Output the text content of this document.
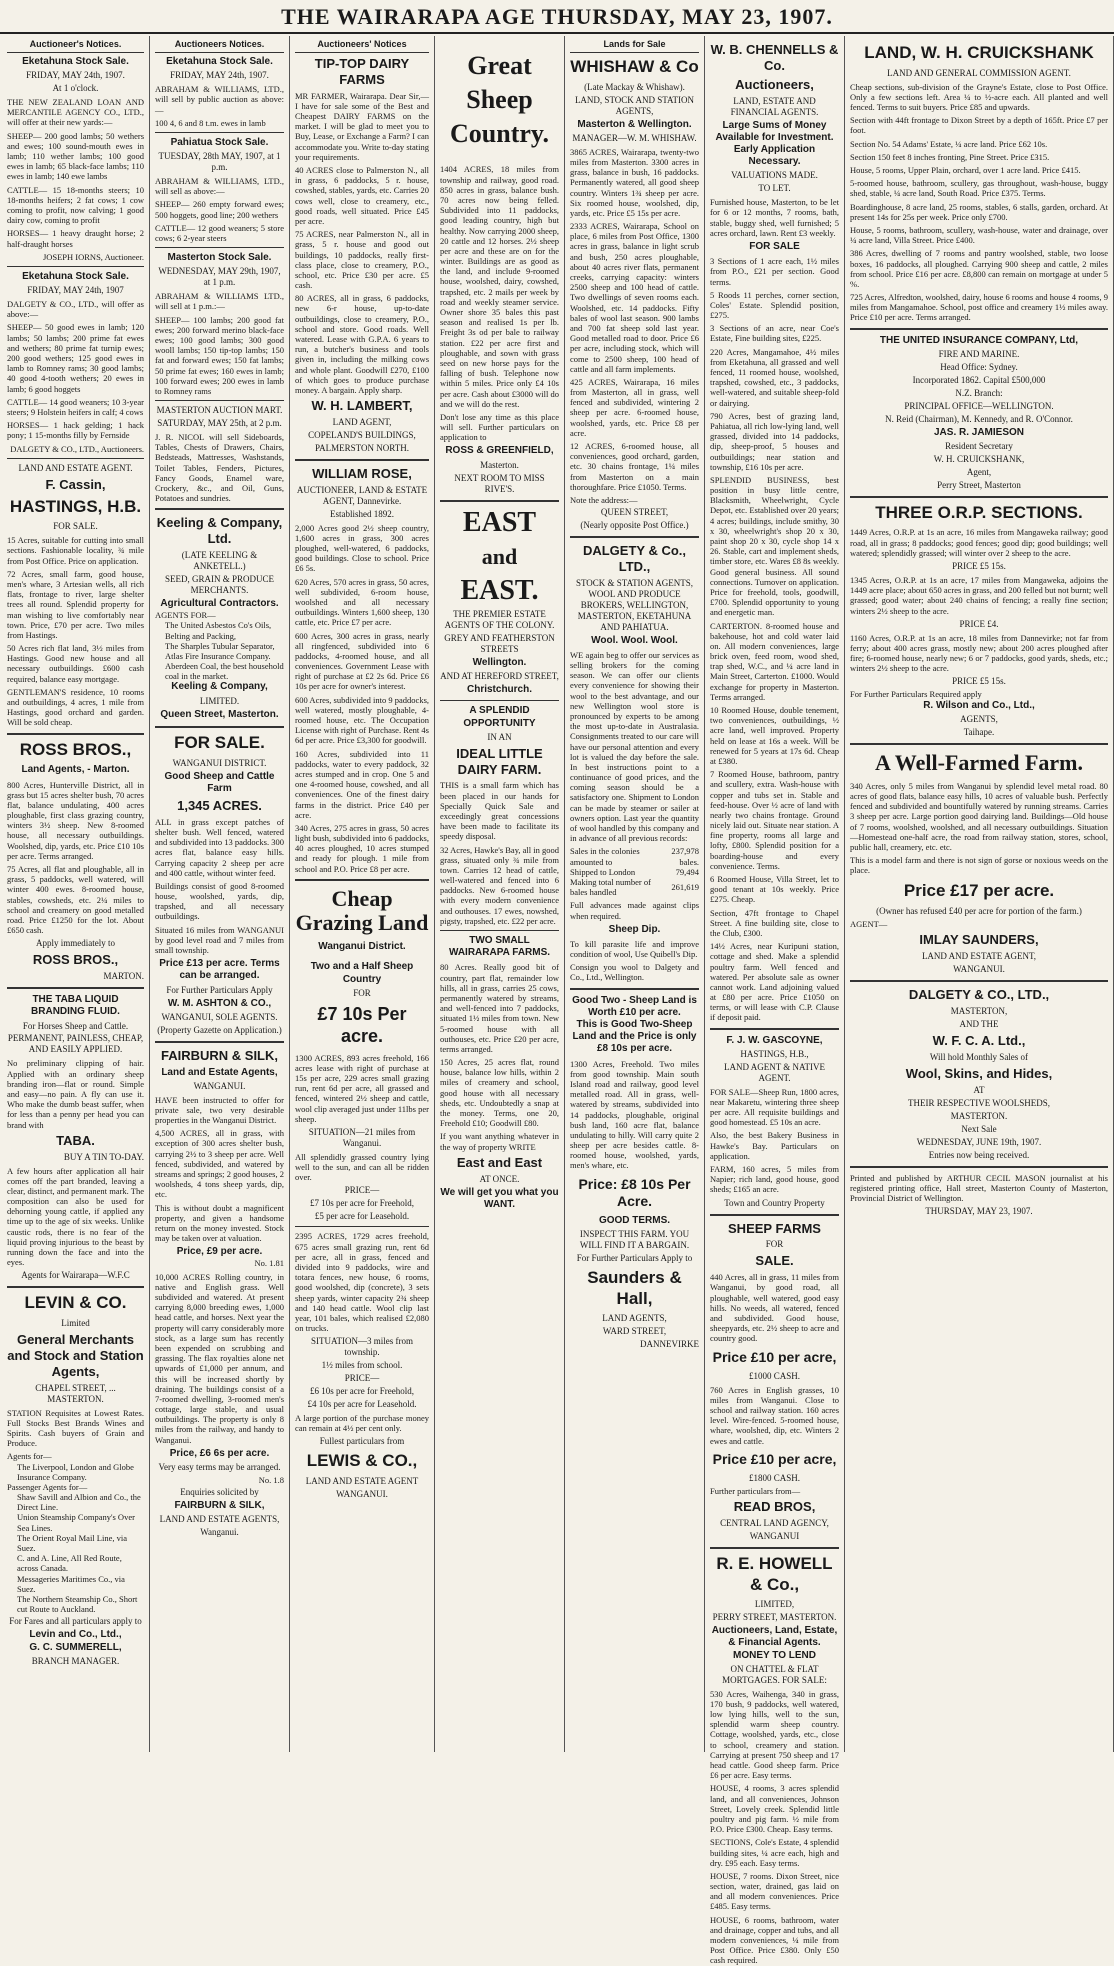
THE WAIRARAPA AGE THURSDAY, MAY 23, 1907.
Auctioneer's Notices.
Eketahuna Stock Sale.
FRIDAY, MAY 24th, 1907.
At 1 o'clock.

THE NEW ZEALAND LOAN AND MERCANTILE AGENCY CO., LTD., will offer at their new yards:—

SHEEP— 200 good lambs; 50 wethers and ewes; 100 sound-mouth ewes in lamb; 110 wether lambs; 100 good ewes in lamb; 65 black-face lambs; 110 ewes in lamb; 140 ewe lambs

CATTLE— 15 18-months steers; 10 18-months heifers; 2 fat cows; 1 cow coming to profit, now calving; 1 good dairy cow, coming to profit

HORSES— 1 heavy draught horse; 2 half-draught horses

JOSEPH IORNS, Auctioneer.

Eketahuna Stock Sale.
FRIDAY, MAY 24th, 1907

DALGETY & CO., LTD., will offer as above:—

SHEEP— 50 good ewes in lamb; 120 lambs; 50 lambs; 200 prime fat ewes and wethers; 80 prime fat turnip ewes; 200 good wethers; 125 good ewes in lamb to Romney rams; 30 good lambs; 40 good 4-tooth wethers; 20 ewes in lamb; 6 good hoggets

CATTLE— 14 good weaners; 10 3-year steers; 9 Holstein heifers in calf; 4 cows

HORSES— 1 hack gelding; 1 hack pony; 1 15-months filly by Fernside

DALGETY & CO., LTD., Auctioneers.

LAND AND ESTATE AGENT.
F. Cassin,
HASTINGS, H.B.
FOR SALE.

15 Acres, suitable for cutting into small sections. Fashionable locality, ¾ mile from Post Office. Price on application.

72 Acres, small farm, good house, men's whare, 3 Artesian wells, all rich flats, frontage to river, large shelter trees all round. Splendid property for man wishing to live comfortably near town. Price, £70 per acre. Two miles from Hastings.

50 Acres rich flat land, 3½ miles from Hastings. Good new house and all necessary outbuildings. £600 cash required, balance easy mortgage.

GENTLEMAN'S residence, 10 rooms and outbuildings, 4 acres, 1 mile from Hastings, good orchard and garden. Will be sold cheap.

ROSS BROS.,
Land Agents, - Marton.

800 Acres, Hunterville District, all in grass but 15 acres shelter bush, 70 acres flat, balance undulating, 400 acres ploughable, first class grazing country, winters 3½ sheep. New 8-roomed house, all necessary outbuildings. Woolshed, dip, yards, etc. Price £10 10s per acre. Terms arranged.

75 Acres, all flat and ploughable, all in grass, 5 paddocks, well watered, will winter 400 ewes. 8-roomed house, stables, cowsheds, etc. 2¼ miles to school and creamery on good metalled road. Price £1250 for the lot. About £650 cash.

Apply immediately to
ROSS BROS.,
MARTON.
THE TABA LIQUID BRANDING FLUID.
For Horses Sheep and Cattle.
PERMANENT, PAINLESS, CHEAP, AND EASILY APPLIED.

No preliminary clipping of hair. Applied with an ordinary sheep branding iron—flat or round. Simple and easy—no pain. A fly can use it. Who make the dumb beast suffer, when for less than a penny per head you can brand with

TABA.
BUY A TIN TO-DAY.

A few hours after application all hair comes off the part branded, leaving a clear, distinct, and permanent mark. The composition can also be used for dehorning young cattle, if applied any time up to the age of six weeks. Unlike caustic rods, there is no fear of the liquid proving injurious to the beast by running down the face and into the eyes.

Agents for Wairarapa—W.F.C
LEVIN & CO.
Limited
General Merchants and Stock and Station Agents,
CHAPEL STREET, ... MASTERTON.

STATION Requisites at Lowest Rates. Full Stocks Best Brands Wines and Spirits. Cash buyers of Grain and Produce.

Agents for—
The Liverpool, London and Globe Insurance Company.
Passenger Agents for—
Shaw Savill and Albion and Co., the Direct Line.
Union Steamship Company's Over Sea Lines.
The Orient Royal Mail Line, via Suez.
C. and A. Line, All Red Route, across Canada.
Messageries Maritimes Co., via Suez.
The Northern Steamship Co., Short cut Route to Auckland.
For Fares and all particulars apply to
Levin and Co., Ltd.,
G. C. SUMMERELL,
BRANCH MANAGER.
Auctioneers Notices.
Eketahuna Stock Sale.
FRIDAY, MAY 24th, 1907.

ABRAHAM & WILLIAMS, LTD., will sell by public auction as above:—

100 4, 6 and 8 t.m. ewes in lamb

Pahiatua Stock Sale.
TUESDAY, 28th MAY, 1907, at 1 p.m.

ABRAHAM & WILLIAMS, LTD., will sell as above:—

SHEEP— 260 empty forward ewes; 500 hoggets, good line; 200 wethers

CATTLE— 12 good weaners; 5 store cows; 6 2-year steers

Masterton Stock Sale.
WEDNESDAY, MAY 29th, 1907, at 1 p.m.

ABRAHAM & WILLIAMS LTD., will sell at 1 p.m.:—

SHEEP— 100 lambs; 200 good fat ewes; 200 forward merino black-face ewes; 100 good lambs; 300 good wooll lambs; 150 tip-top lambs; 150 fat and forward ewes; 150 fat lambs; 50 prime fat ewes; 160 ewes in lamb; 100 forward ewes; 200 ewes in lamb to Romney rams

MASTERTON AUCTION MART.
SATURDAY, MAY 25th, at 2 p.m.

J. R. NICOL will sell Sideboards, Tables, Chests of Drawers, Chairs, Bedsteads, Mattresses, Washstands, Toilet Tables, Fenders, Pictures, Fancy Goods, Enamel ware, Crockery, &c., and Oil, Guns, Potatoes and sundries.

Keeling & Company, Ltd.
(LATE KEELING & ANKETELL.)
SEED, GRAIN & PRODUCE MERCHANTS.
Agricultural Contractors.
AGENTS FOR—
The United Asbestos Co's Oils, Belting and Packing,
The Sharples Tubular Separator,
Atlas Fire Insurance Company.
Aberdeen Coal, the best household coal in the market.
Keeling & Company,
LIMITED.
Queen Street, Masterton.
FOR SALE.
WANGANUI DISTRICT.
Good Sheep and Cattle Farm
1,345 ACRES.

ALL in grass except patches of shelter bush. Well fenced, watered and subdivided into 13 paddocks. 300 acres flat, balance easy hills. Carrying capacity 2 sheep per acre and 400 cattle, without winter feed.

Buildings consist of good 8-roomed house, woolshed, yards, dip, trapshed, and all necessary outbuildings.

Situated 16 miles from WANGANUI by good level road and 7 miles from small township.

Price £13 per acre. Terms can be arranged.
For Further Particulars Apply
W. M. ASHTON & CO.,
WANGANUI, SOLE AGENTS.
(Property Gazette on Application.)
FAIRBURN & SILK,
Land and Estate Agents,
WANGANUI.

HAVE been instructed to offer for private sale, two very desirable properties in the Wanganui District.

4,500 ACRES, all in grass, with exception of 300 acres shelter bush, carrying 2½ to 3 sheep per acre. Well fenced, subdivided, and watered by streams and springs; 2 good houses, 2 woolsheds, 4 tons sheep yards, dip, etc.

This is without doubt a magnificent property, and given a handsome return on the money invested. Stock may be taken over at valuation.

Price, £9 per acre.
No. 1.81

10,000 ACRES Rolling country, in native and English grass. Well subdivided and watered. At present carrying 8,000 breeding ewes, 1,000 head cattle, and horses. Next year the property will carry considerably more stock, as a large sum has recently been expended on scrubbing and grassing. The flax royalties alone net upwards of £1,000 per annum, and this will be increased shortly by draining. The buildings consist of a 7-roomed dwelling, 3-roomed men's cottage, large stable, and usual outbuildings. The property is only 8 miles from the railway, and handy to Wanganui.

Price, £6 6s per acre.
Very easy terms may be arranged.
No. 1.8
Enquiries solicited by
FAIRBURN & SILK,
LAND AND ESTATE AGENTS,
Wanganui.
Auctioneers' Notices
TIP-TOP DAIRY FARMS

MR FARMER, Wairarapa. Dear Sir,—I have for sale some of the Best and Cheapest DAIRY FARMS on the market. I will be glad to meet you to Buy, Lease, or Exchange a Farm? I can accommodate you. Write to-day stating your requirements.

40 ACRES close to Palmerston N., all in grass, 6 paddocks, 5 r. house, cowshed, stables, yards, etc. Carries 20 cows well, close to creamery, etc., good roads, well situated. Price £45 per acre.

75 ACRES, near Palmerston N., all in grass, 5 r. house and good out buildings, 10 paddocks, really first-class place, close to creamery, P.O., school, etc. Price £30 per acre. £5 cash.

80 ACRES, all in grass, 6 paddocks, new 6-r house, up-to-date outbuildings, close to creamery, P.O., school and store. Good roads. Well watered. Lease with G.P.A. 6 years to run, a butcher's business and tools given in, including the milking cows and whole plant. Goodwill £270, £100 of which goes to produce purchase money. A bargain. Apply sharp.

W. H. LAMBERT,
LAND AGENT,
COPELAND'S BUILDINGS,
PALMERSTON NORTH.
WILLIAM ROSE,
AUCTIONEER, LAND & ESTATE AGENT, Dannevirke.
Established 1892.

2,000 Acres good 2½ sheep country, 1,600 acres in grass, 300 acres ploughed, well-watered, 6 paddocks, good buildings. Close to school. Price £6 5s.

620 Acres, 570 acres in grass, 50 acres, well subdivided, 6-room house, woolshed and all necessary outbuildings. Winters 1,600 sheep, 130 cattle, etc. Price £7 per acre.

600 Acres, 300 acres in grass, nearly all ringfenced, subdivided into 6 paddocks, 4-roomed house, and all conveniences. Government Lease with right of purchase at £2 2s 6d. Price £6 10s per acre for owner's interest.

600 Acres, subdivided into 9 paddocks, well watered, mostly ploughable, 4-roomed house, etc. The Occupation License with right of Purchase. Rent 4s 6d per acre. Price £3,300 for goodwill.

160 Acres, subdivided into 11 paddocks, water to every paddock, 32 acres stumped and in crop. One 5 and one 4-roomed house, cowshed, and all conveniences. One of the finest dairy farms in the district. Price £40 per acre.

340 Acres, 275 acres in grass, 50 acres light bush, subdivided into 6 paddocks, 40 acres ploughed, 10 acres stumped and ready for plough. 1 mile from school and P.O. Price £8 per acre.

Cheap Grazing Land
Wanganui District.
Two and a Half Sheep Country
FOR
£7 10s Per acre.

1300 ACRES, 893 acres freehold, 166 acres lease with right of purchase at 15s per acre, 229 acres small grazing run, rent 6d per acre, all grassed and fenced, wintered 2½ sheep and cattle, wool clip averaged just under 11lbs per sheep.

SITUATION—21 miles from Wanganui.

All splendidly grassed country lying well to the sun, and can all be ridden over.

PRICE—
£7 10s per acre for Freehold,
£5 per acre for Leasehold.

2395 ACRES, 1729 acres freehold, 675 acres small grazing run, rent 6d per acre, all in grass, fenced and divided into 9 paddocks, wire and totara fences, new house, 6 rooms, good woolshed, dip (concrete), 3 sets sheep yards, winter capacity 2¾ sheep and 140 head cattle. Wool clip last year, 101 bales, which realised £2,080 on trucks.

SITUATION—3 miles from township.
1½ miles from school.
PRICE—
£6 10s per acre for Freehold,
£4 10s per acre for Leasehold.

A large portion of the purchase money can remain at 4½ per cent only.

Fullest particulars from
LEWIS & CO.,
LAND AND ESTATE AGENT
WANGANUI.
Great Sheep Country.

1404 ACRES, 18 miles from township and railway, good road. 850 acres in grass, balance bush. 70 acres now being felled. Subdivided into 11 paddocks, good leading country, high but healthy. Now carrying 2000 sheep, 20 cattle and 12 horses. 2½ sheep per acre and these are on for the winter. Buildings are as good as the land, and include 9-roomed house, woolshed, dairy, cowshed, trapshed, etc. 2 mails per week by road and weekly steamer service. Owner shore 35 bales this past season and realised 1s per lb. Freight 3s od per bale to railway station. £22 per acre first and ploughable, and sown with grass seed on new horse pays for the falling of bush. Telephone now within 5 miles. Price only £4 10s per acre. Cash about £3000 will do and we will do the rest.

Don't lose any time as this place will sell. Further particulars on application to

ROSS & GREENFIELD,
Masterton.
NEXT ROOM TO MISS RIVE'S.
EAST
and
EAST.
THE PREMIER ESTATE AGENTS OF THE COLONY.
GREY AND FEATHERSTON STREETS
Wellington.
AND AT HEREFORD STREET,
Christchurch.
A SPLENDID OPPORTUNITY
IN AN
IDEAL LITTLE DAIRY FARM.

THIS is a small farm which has been placed in our hands for Specially Quick Sale and exceedingly great concessions have been made to facilitate its speedy disposal.

32 Acres, Hawke's Bay, all in good grass, situated only ¾ mile from town. Carries 12 head of cattle, well-watered and fenced into 6 paddocks. New 6-roomed house with every modern convenience and outhouses. 17 ewes, nowshed, pigsty, trapshed, etc. £22 per acre.

TWO SMALL WAIRARAPA FARMS.

80 Acres. Really good bit of country, part flat, remainder low hills, all in grass, carries 25 cows, permanently watered by streams, and well-fenced into 7 paddocks, situated 1½ miles from town. New 5-roomed house with all outhouses, etc. Price £20 per acre, terms arranged.

150 Acres, 25 acres flat, round house, balance low hills, within 2 miles of creamery and school, good house with all necessary sheds, etc. Undoubtedly a snap at the money. Terms, one 20, Freehold £10; Goodwill £80.

If you want anything whatever in the way of property WRITE

East and East
AT ONCE.
We will get you what you WANT.
Lands for Sale
WHISHAW & Co
(Late Mackay & Whishaw).
LAND, STOCK AND STATION AGENTS,
Masterton & Wellington.
MANAGER—W. M. WHISHAW.

3865 ACRES, Wairarapa, twenty-two miles from Masterton. 3300 acres in grass, balance in bush, 16 paddocks. Permanently watered, all good sheep country. Winters 1¾ sheep per acre. Six roomed house, woolshed, dip, yards, etc. Price £5 15s per acre.

2333 ACRES, Wairarapa, School on place, 6 miles from Post Office, 1300 acres in grass, balance in light scrub and bush, 250 acres ploughable, about 40 acres river flats, permanent creeks, carrying capacity: winters 2500 sheep and 100 head of cattle. Two dwellings of seven rooms each. Woolshed, etc. 14 paddocks. Fifty bales of wool last season. 900 lambs and 700 fat sheep sold last year. Good metalled road to door. Price £6 per acre, including stock, which will come to 2500 sheep, 100 head of cattle and all farm implements.

425 ACRES, Wairarapa, 16 miles from Masterton, all in grass, well fenced and subdivided, wintering 2 sheep per acre. 6-roomed house, woolshed, yards, etc. Price £8 per acre.

12 ACRES, 6-roomed house, all conveniences, good orchard, garden, etc. 30 chains frontage, 1¼ miles from Masterton on a main thoroughfare. Price £1050. Terms.

Note the address:—
QUEEN STREET,
(Nearly opposite Post Office.)
DALGETY & Co., LTD.,
STOCK & STATION AGENTS, WOOL AND PRODUCE BROKERS, WELLINGTON, MASTERTON, EKETAHUNA AND PAHIATUA.
Wool. Wool. Wool.

WE again beg to offer our services as selling brokers for the coming season. We can offer our clients every convenience for showing their wool to the best advantage, and our new Wellington wool store is pronounced by experts to be among the most up-to-date in Australasia. Consignments treated to our care will have our personal attention and every lot is valued the day before the sale. In best instructions point to a continuance of good prices, and the coming season should be a satisfactory one. Shipment to London can be made by steamer or sailer at owners option. Last year the quantity of wool handled by this company and in advance of all previous records:

Sales in the colonies amounted to	237,978 bales.
Shipped to London	79,494
Making total number of bales handled	261,619

Full advances made against clips when required.

Sheep Dip.

To kill parasite life and improve condition of wool, Use Quibell's Dip.

Consign you wool to Dalgety and Co., Ltd., Wellington.

Good Two - Sheep Land is Worth £10 per acre.
This is Good Two-Sheep Land and the Price is only £8 10s per acre.

1300 Acres, Freehold. Two miles from good township. Main south Island road and railway, good level metalled road. All in grass, well-watered by streams, subdivided into 14 paddocks, ploughable, original bush land, 160 acre flat, balance undulating to hilly. Will carry quite 2 sheep per acre besides cattle. 8-roomed house, woolshed, yards, men's whare, etc.

Price: £8 10s Per Acre.
GOOD TERMS.
INSPECT THIS FARM. YOU WILL FIND IT A BARGAIN.
For Further Particulars Apply to
Saunders & Hall,
LAND AGENTS,
WARD STREET,
DANNEVIRKE
W. B. CHENNELLS & Co.
Auctioneers,
LAND, ESTATE AND FINANCIAL AGENTS.
Large Sums of Money Available for Investment.
Early Application Necessary.
VALUATIONS MADE.
TO LET.

Furnished house, Masterton, to be let for 6 or 12 months, 7 rooms, bath, stable, buggy shed, well furnished; 5 acres orchard, lawn. Rent £3 weekly.

FOR SALE

3 Sections of 1 acre each, 1½ miles from P.O., £21 per section. Good terms.

5 Roods 11 perches, corner section, Coles' Estate. Splendid position, £275.

3 Sections of an acre, near Coe's Estate, Fine building sites, £225.

220 Acres, Mangamahoe, 4½ miles from Eketahuna, all grassed and well fenced, 11 roomed house, woolshed, trapshed, cowshed, etc., 3 paddocks, well-watered, and suitable sheep-fold or dairying.

790 Acres, best of grazing land, Pahiatua, all rich low-lying land, well grassed, divided into 14 paddocks, dip, sheep-proof, 5 houses and outbuildings; near station and township, £16 10s per acre.

SPLENDID BUSINESS, best position in busy little centre, Blacksmith, Wheelwright, Cycle Depot, etc. Established over 20 years; 4 acres; buildings, include smithy, 30 x 30, wheelwright's shop 20 x 30, paint shop 20 x 30, cycle shop 14 x 26. Stable, cart and implement sheds, timber store, etc. Wares £8 8s weekly. Good general business. All sound connections. Turnover on application. Price for freehold, tools, goodwill, £700. Splendid opportunity to young and energetic man.

CARTERTON. 8-roomed house and bakehouse, hot and cold water laid on. All modern conveniences, large brick oven, feed room, wood shed, trap shed, W.C., and ¼ acre land in Main Street, Carterton. £1000. Would exchange for property in Masterton. Terms arranged.

10 Roomed House, double tenement, two conveniences, outbuildings, ½ acre land, well improved. Property held on lease at 16s a week. Will be renewed for 5 years at 17s 6d. Cheap at £380.

7 Roomed House, bathroom, pantry and scullery, extra. Wash-house with copper and tubs set in. Stable and feed-house. Over ½ acre of land with nearly two chains frontage. Ground nicely laid out. Situate near station. A fine property, rooms all large and lofty, £800. Splendid position for a boarding-house and every convenience. Terms.

6 Roomed House, Villa Street, let to good tenant at 10s weekly. Price £275. Cheap.

Section, 47ft frontage to Chapel Street. A fine building site, close to the Club, £300.

14½ Acres, near Kuripuni station, cottage and shed. Make a splendid poultry farm. Well fenced and watered. Per absolute sale as owner cannot work. Land adjoining valued at £80 per acre. Price £1050 on terms, or will lease with C.P. Clause if deposit paid.

F. J. W. GASCOYNE,
HASTINGS, H.B.,
LAND AGENT & NATIVE AGENT.

FOR SALE—Sheep Run, 1800 acres, near Makaretu, wintering three sheep per acre. All requisite buildings and good homestead. £5 10s an acre.

Also, the best Bakery Business in Hawke's Bay. Particulars on application.

FARM, 160 acres, 5 miles from Napier; rich land, good house, good sheds; £165 an acre.

Town and Country Property
SHEEP FARMS
FOR
SALE.

440 Acres, all in grass, 11 miles from Wanganui, by good road, all ploughable, well watered, good easy hills. No weeds, all watered, fenced and subdivided. Good house, sheepyards, etc. 2½ sheep to acre and country good.

Price £10 per acre,
£1000 CASH.

760 Acres in English grasses, 10 miles from Wanganui. Close to school and railway station. 160 acres level. Wire-fenced. 5-roomed house, whare, woolshed, dip, etc. Winters 2 ewes and cattle.

Price £10 per acre,
£1800 CASH.
Further particulars from—
READ BROS,
CENTRAL LAND AGENCY,
WANGANUI
R. E. HOWELL & Co.,
LIMITED,
PERRY STREET, MASTERTON.
Auctioneers, Land, Estate, & Financial Agents.
MONEY TO LEND
ON CHATTEL & FLAT MORTGAGES. FOR SALE:

530 Acres, Waihenga, 340 in grass, 170 bush, 9 paddocks, well watered, low lying hills, well to the sun, splendid warm sheep country. Cottage, woolshed, yards, etc., close to school, creamery and station. Carrying at present 750 sheep and 17 head cattle. Good sheep farm. Price £6 per acre. Easy terms.

HOUSE, 4 rooms, 3 acres splendid land, and all conveniences, Johnson Street, Lovely creek. Splendid little poultry and pig farm. ½ mile from P.O. Price £300. Cheap. Easy terms.

SECTIONS, Cole's Estate, 4 splendid building sites, ¼ acre each, high and dry. £95 each. Easy terms.

HOUSE, 7 rooms. Dixon Street, nice section, water, drained, gas laid on and all modern conveniences. Price £485. Easy terms.

HOUSE, 6 rooms, bathroom, water and drainage, copper and tubs, and all modern conveniences, ¼ mile from Post Office. Price £380. Only £50 cash required.

LAND, W. H. CRUICKSHANK
LAND AND GENERAL COMMISSION AGENT.

Cheap sections, sub-division of the Grayne's Estate, close to Post Office. Only a few sections left. Area ¼ to ½-acre each. All planted and well fenced. Terms to suit buyers. Price £85 and upwards.

Section with 44ft frontage to Dixon Street by a depth of 165ft. Price £7 per foot.

Section No. 54 Adams' Estate, ¼ acre land. Price £62 10s.

Section 150 feet 8 inches fronting, Pine Street. Price £315.

House, 5 rooms, Upper Plain, orchard, over 1 acre land. Price £415.

5-roomed house, bathroom, scullery, gas throughout, wash-house, buggy shed, stable, ¼ acre land, South Road. Price £375. Terms.

Boardinghouse, 8 acre land, 25 rooms, stables, 6 stalls, garden, orchard. At present 14s for 25s per week. Price only £700.

House, 5 rooms, bathroom, scullery, wash-house, water and drainage, over ¼ acre land, Villa Street. Price £400.

386 Acres, dwelling of 7 rooms and pantry woolshed, stable, two loose boxes, 16 paddocks, all ploughed. Carrying 900 sheep and cattle, 2 miles from school. Price £16 per acre. £8,800 can remain on mortgage at under 5 %.

725 Acres, Alfredton, woolshed, dairy, house 6 rooms and house 4 rooms, 9 miles from Mangamahoe. School, post office and creamery 1½ miles away. Price £10 per acre. Terms arranged.

THE UNITED INSURANCE COMPANY, Ltd,
FIRE AND MARINE.
Head Office: Sydney.
Incorporated 1862. Capital £500,000
N.Z. Branch:
PRINCIPAL OFFICE—WELLINGTON.
N. Reid (Chairman), M. Kennedy, and R. O'Connor.
JAS. R. JAMIESON
Resident Secretary
W. H. CRUICKSHANK,
Agent,
Perry Street, Masterton
THREE O.R.P. SECTIONS.

1449 Acres, O.R.P. at 1s an acre, 16 miles from Mangaweka railway; good road, all in grass; 8 paddocks; good fences; good dip; good buildings; well watered; splendidly grassed; will winter over 2 sheep to the acre.

PRICE £5 15s.

1345 Acres, O.R.P. at 1s an acre, 17 miles from Mangaweka, adjoins the 1449 acre place; about 650 acres in grass, and 200 felled but not burnt; well grassed; good water; about 240 chains of fencing; a really fine section; winters 2½ sheep to the acre.

PRICE £4.

1160 Acres, O.R.P. at 1s an acre, 18 miles from Dannevirke; not far from ferry; about 400 acres grass, mostly new; about 200 acres ploughed after fire; 6-roomed house, nearly new; 6 or 7 paddocks, good yards, sheds, etc.; winters 2½ sheep to the acre.

PRICE £5 15s.
For Further Particulars Required apply
R. Wilson and Co., Ltd.,
AGENTS,
Taihape.
A Well-Farmed Farm.

340 Acres, only 5 miles from Wanganui by splendid level metal road. 80 acres of good flats, balance easy hills, 10 acres of valuable bush. Perfectly fenced and subdivided and bountifully watered by running streams. Carries 3 sheep per acre. Large portion good dairying land. Buildings—Old house of 7 rooms, woolshed, woolshed, and all necessary outbuildings. Situation—Homestead one-half acre, the road from railway station, stores, school, public hall, creamery, etc. etc.

This is a model farm and there is not sign of gorse or noxious weeds on the place.

Price £17 per acre.
(Owner has refused £40 per acre for portion of the farm.)
AGENT—
IMLAY SAUNDERS,
LAND AND ESTATE AGENT,
WANGANUI.
DALGETY & CO., LTD.,
MASTERTON,
AND THE
W. F. C. A. Ltd.,
Will hold Monthly Sales of
Wool, Skins, and Hides,
AT
THEIR RESPECTIVE WOOLSHEDS,
MASTERTON.
Next Sale
WEDNESDAY, JUNE 19th, 1907.
Entries now being received.

Printed and published by ARTHUR CECIL MASON journalist at his registered printing office, Hall street, Masterton County of Masterton, Provincial District of Wellington.

THURSDAY, MAY 23, 1907.
